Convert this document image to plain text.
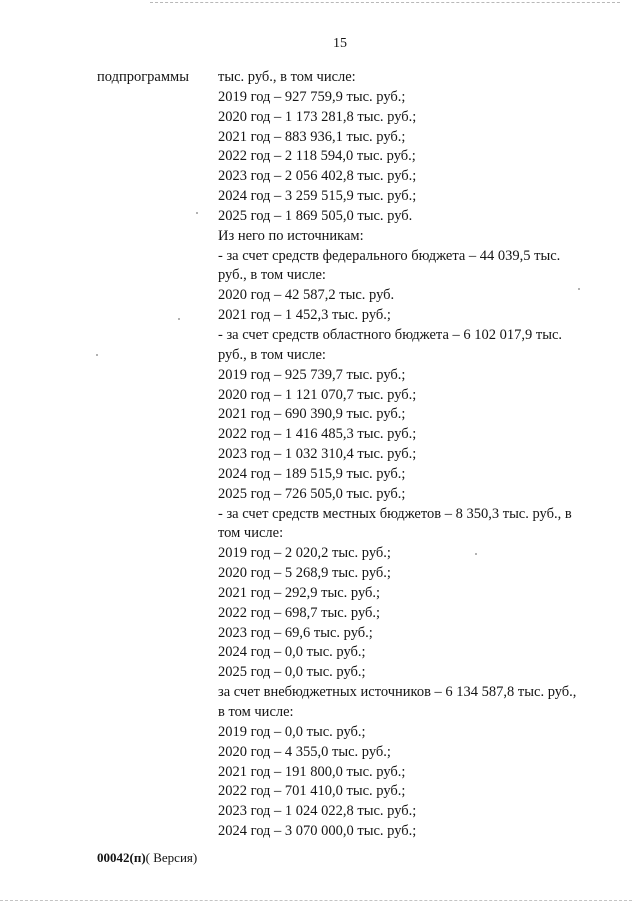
15
подпрограммы тыс. руб., в том числе:
2019 год – 927 759,9 тыс. руб.;
2020 год – 1 173 281,8 тыс. руб.;
2021 год – 883 936,1 тыс. руб.;
2022 год – 2 118 594,0 тыс. руб.;
2023 год – 2 056 402,8 тыс. руб.;
2024 год – 3 259 515,9 тыс. руб.;
2025 год – 1 869 505,0 тыс. руб.
Из него по источникам:
- за счет средств федерального бюджета – 44 039,5 тыс.
руб., в том числе:
2020 год – 42 587,2 тыс. руб.
2021 год – 1 452,3 тыс. руб.;
- за счет средств областного бюджета – 6 102 017,9 тыс.
руб., в том числе:
2019 год – 925 739,7 тыс. руб.;
2020 год – 1 121 070,7 тыс. руб.;
2021 год – 690 390,9 тыс. руб.;
2022 год – 1 416 485,3 тыс. руб.;
2023 год – 1 032 310,4 тыс. руб.;
2024 год – 189 515,9 тыс. руб.;
2025 год – 726 505,0 тыс. руб.;
- за счет средств местных бюджетов – 8 350,3 тыс. руб., в
том числе:
2019 год – 2 020,2 тыс. руб.;
2020 год – 5 268,9 тыс. руб.;
2021 год – 292,9 тыс. руб.;
2022 год – 698,7 тыс. руб.;
2023 год – 69,6 тыс. руб.;
2024 год – 0,0 тыс. руб.;
2025 год – 0,0 тыс. руб.;
за счет внебюджетных источников – 6 134 587,8 тыс. руб.,
в том числе:
2019 год – 0,0 тыс. руб.;
2020 год – 4 355,0 тыс. руб.;
2021 год – 191 800,0 тыс. руб.;
2022 год – 701 410,0 тыс. руб.;
2023 год – 1 024 022,8 тыс. руб.;
2024 год – 3 070 000,0 тыс. руб.;
00042(п)( Версия)
